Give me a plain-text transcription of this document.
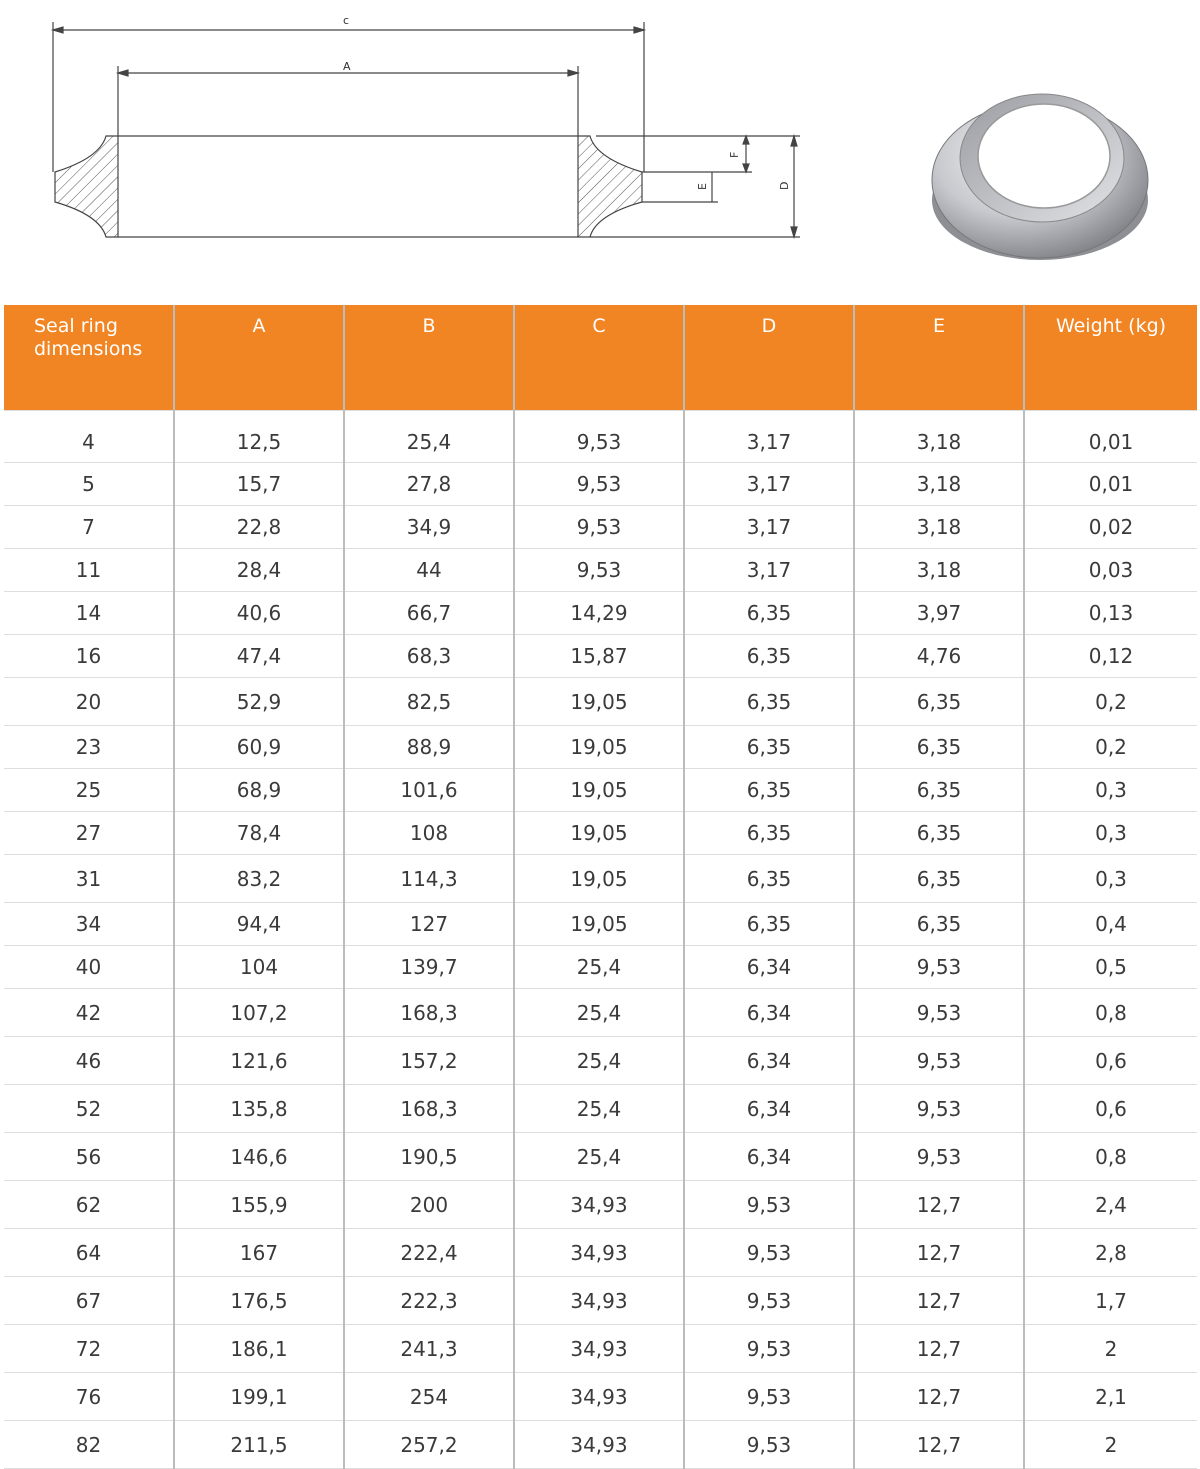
c
A
F
E	D
Seal ring dimensions	A	B	C	D	E	Weight (kg)
4	12,5	25,4	9,53	3,17	3,18	0,01
5	15,7	27,8	9,53	3,17	3,18	0,01
7	22,8	34,9	9,53	3,17	3,18	0,02
11	28,4	44	9,53	3,17	3,18	0,03
14	40,6	66,7	14,29	6,35	3,97	0,13
16	47,4	68,3	15,87	6,35	4,76	0,12
20	52,9	82,5	19,05	6,35	6,35	0,2
23	60,9	88,9	19,05	6,35	6,35	0,2
25	68,9	101,6	19,05	6,35	6,35	0,3
27	78,4	108	19,05	6,35	6,35	0,3
31	83,2	114,3	19,05	6,35	6,35	0,3
34	94,4	127	19,05	6,35	6,35	0,4
40	104	139,7	25,4	6,34	9,53	0,5
42	107,2	168,3	25,4	6,34	9,53	0,8
46	121,6	157,2	25,4	6,34	9,53	0,6
52	135,8	168,3	25,4	6,34	9,53	0,6
56	146,6	190,5	25,4	6,34	9,53	0,8
62	155,9	200	34,93	9,53	12,7	2,4
64	167	222,4	34,93	9,53	12,7	2,8
67	176,5	222,3	34,93	9,53	12,7	1,7
72	186,1	241,3	34,93	9,53	12,7	2
76	199,1	254	34,93	9,53	12,7	2,1
82	211,5	257,2	34,93	9,53	12,7	2
